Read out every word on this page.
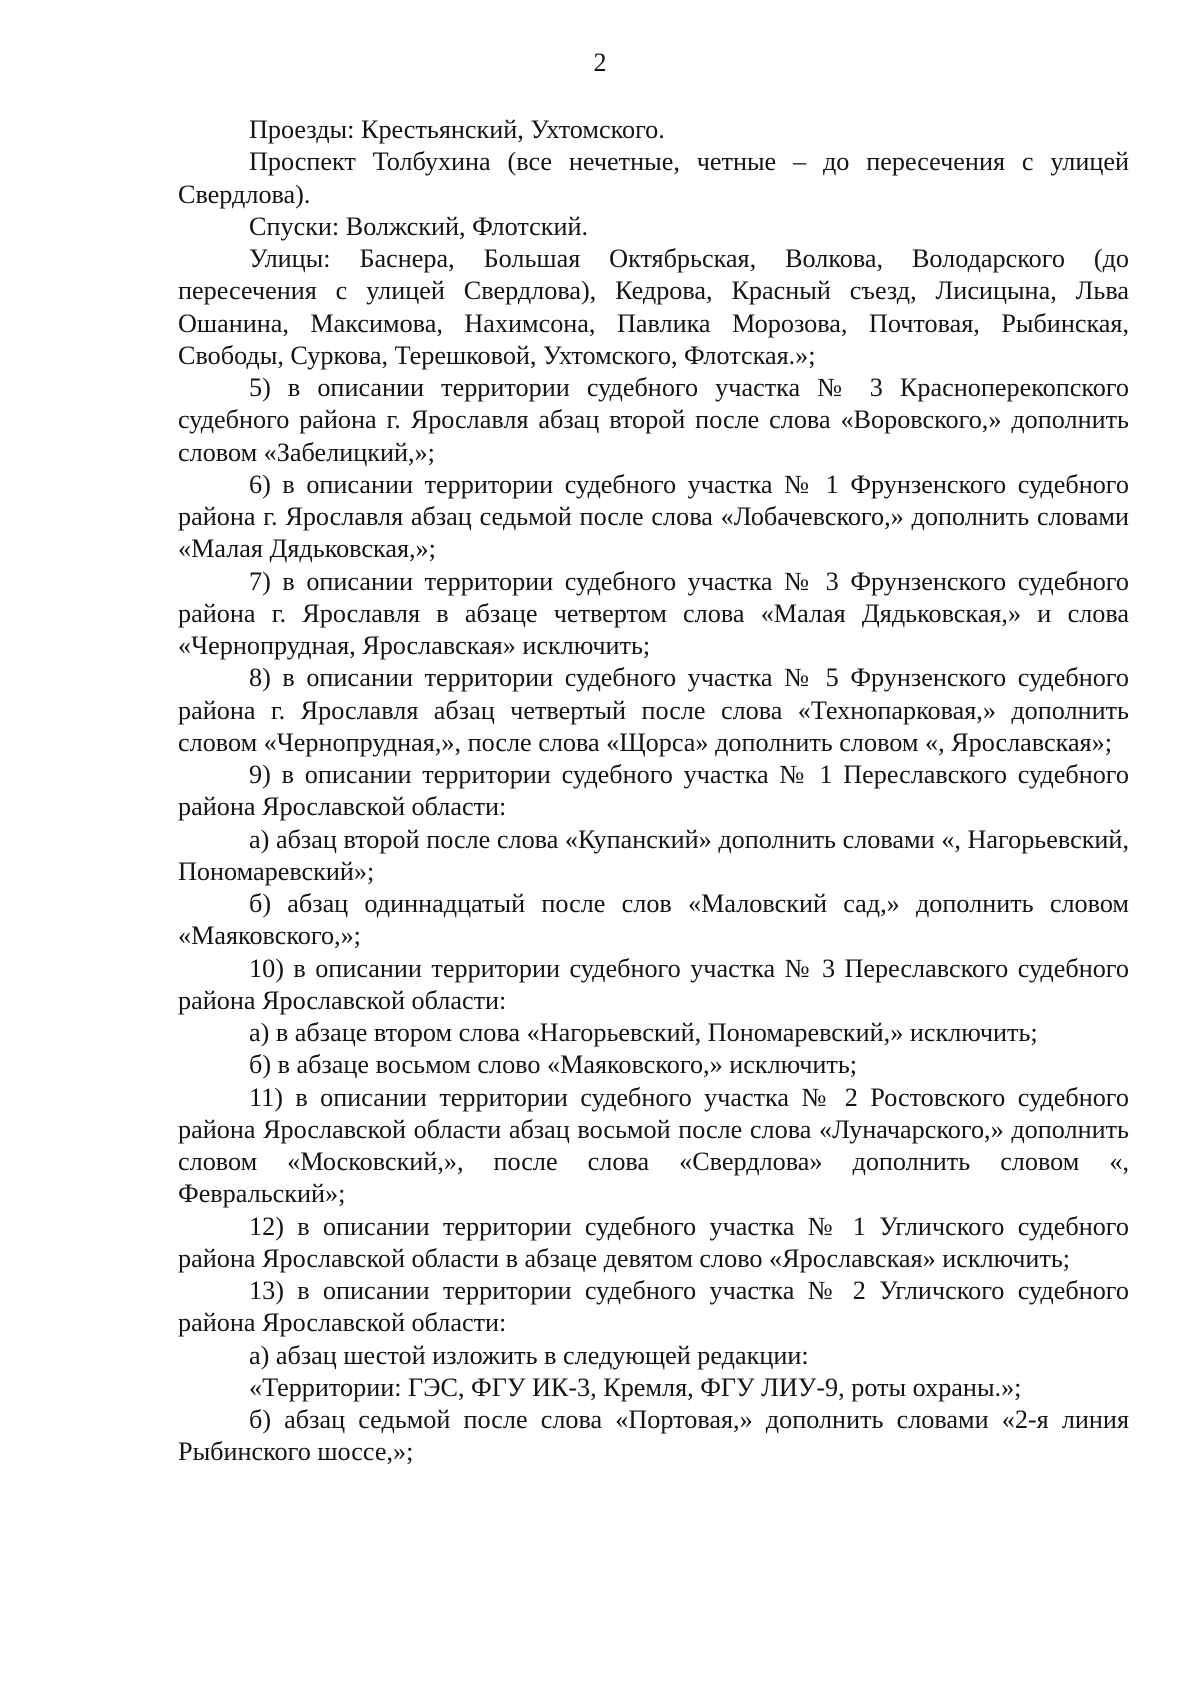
2

Проезды: Крестьянский, Ухтомского.

Проспект Толбухина (все нечетные, четные – до пересечения с улицей Свердлова).

Спуски: Волжский, Флотский.

Улицы: Баснера, Большая Октябрьская, Волкова, Володарского (до пересечения с улицей Свердлова), Кедрова, Красный съезд, Лисицына, Льва Ошанина, Максимова, Нахимсона, Павлика Морозова, Почтовая, Рыбинская, Свободы, Суркова, Терешковой, Ухтомского, Флотская.»;

5) в описании территории судебного участка № 3 Красноперекопского судебного района г. Ярославля абзац второй после слова «Воровского,» дополнить словом «Забелицкий,»;

6) в описании территории судебного участка № 1 Фрунзенского судебного района г. Ярославля абзац седьмой после слова «Лобачевского,» дополнить словами «Малая Дядьковская,»;

7) в описании территории судебного участка № 3 Фрунзенского судебного района г. Ярославля в абзаце четвертом слова «Малая Дядьковская,» и слова «Чернопрудная, Ярославская» исключить;

8) в описании территории судебного участка № 5 Фрунзенского судебного района г. Ярославля абзац четвертый после слова «Технопарковая,» дополнить словом «Чернопрудная,», после слова «Щорса» дополнить словом «, Ярославская»;

9) в описании территории судебного участка № 1 Переславского судебного района Ярославской области:

а) абзац второй после слова «Купанский» дополнить словами «, Нагорьевский, Пономаревский»;

б) абзац одиннадцатый после слов «Маловский сад,» дополнить словом «Маяковского,»;

10) в описании территории судебного участка № 3 Переславского судебного района Ярославской области:

а) в абзаце втором слова «Нагорьевский, Пономаревский,» исключить;

б) в абзаце восьмом слово «Маяковского,» исключить;

11) в описании территории судебного участка № 2 Ростовского судебного района Ярославской области абзац восьмой после слова «Луначарского,» дополнить словом «Московский,», после слова «Свердлова» дополнить словом «, Февральский»;

12) в описании территории судебного участка № 1 Угличского судебного района Ярославской области в абзаце девятом слово «Ярославская» исключить;

13) в описании территории судебного участка № 2 Угличского судебного района Ярославской области:

а) абзац шестой изложить в следующей редакции:

«Территории: ГЭС, ФГУ ИК-3, Кремля, ФГУ ЛИУ-9, роты охраны.»;

б) абзац седьмой после слова «Портовая,» дополнить словами «2-я линия Рыбинского шоссе,»;
